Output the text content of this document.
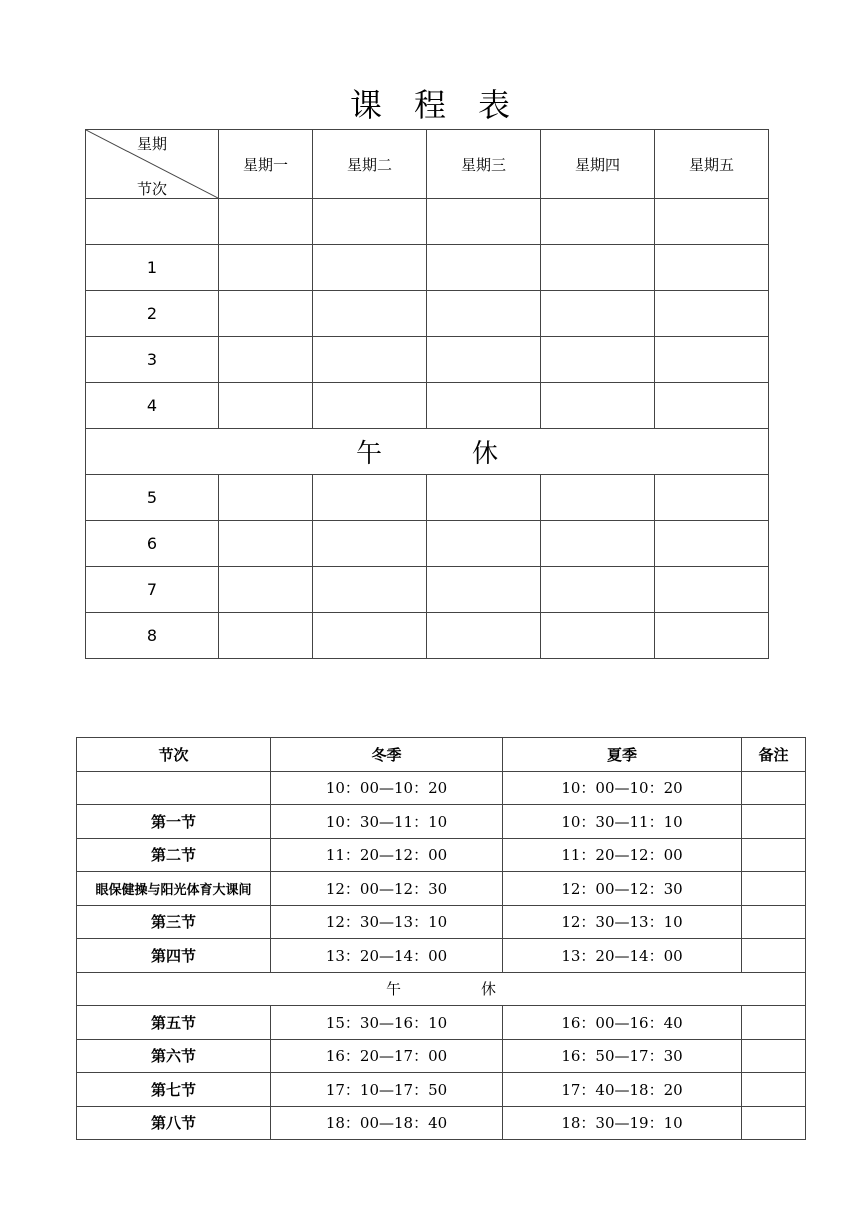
课　程　表
星期
节次	星期一	星期二	星期三	星期四	星期五

1					
2					
3					
4					
午 休					
5					
6					
7					
8					
节次	冬季	夏季	备注
	10：00—10：20	10：00—10：20	
第一节	10：30—11：10	10：30—11：10	
第二节	11：20—12：00	11：20—12：00	
眼保健操与阳光体育大课间	12：00—12：30	12：00—12：30	
第三节	12：30—13：10	12：30—13：10	
第四节	13：20—14：00	13：20—14：00	
午 休			
第五节	15：30—16：10	16：00—16：40	
第六节	16：20—17：00	16：50—17：30	
第七节	17：10—17：50	17：40—18：20	
第八节	18：00—18：40	18：30—19：10	
